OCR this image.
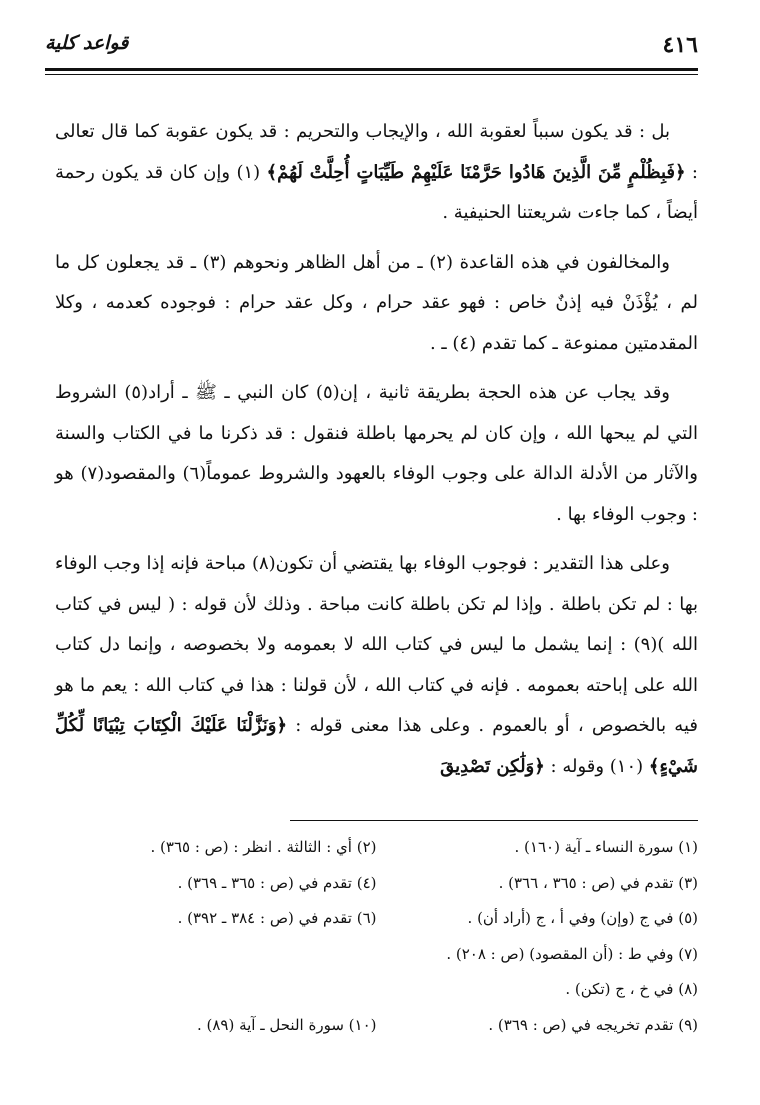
٤١٦
قواعد كلية

بل : قد يكون سبباً لعقوبة الله ، والإيجاب والتحريم : قد يكون عقوبة كما قال تعالى : ﴿فَبِظُلْمٍ مِّنَ الَّذِينَ هَادُوا حَرَّمْنَا عَلَيْهِمْ طَيِّبَاتٍ أُحِلَّتْ لَهُمْ﴾ (١) وإن كان قد يكون رحمة أيضاً ، كما جاءت شريعتنا الحنيفية .

والمخالفون في هذه القاعدة (٢) ـ من أهل الظاهر ونحوهم (٣) ـ قد يجعلون كل ما لم ، يُؤْذَنْ فيه إذنٌ خاص : فهو عقد حرام ، وكل عقد حرام : فوجوده كعدمه ، وكلا المقدمتين ممنوعة ـ كما تقدم (٤) ـ .

وقد يجاب عن هذه الحجة بطريقة ثانية ، إن(٥) كان النبي ـ ﷺ ـ أراد(٥) الشروط التي لم يبحها الله ، وإن كان لم يحرمها باطلة فنقول : قد ذكرنا ما في الكتاب والسنة والآثار من الأدلة الدالة على وجوب الوفاء بالعهود والشروط عموماً(٦) والمقصود(٧) هو : وجوب الوفاء بها .

وعلى هذا التقدير : فوجوب الوفاء بها يقتضي أن تكون(٨) مباحة فإنه إذا وجب الوفاء بها : لم تكن باطلة . وإذا لم تكن باطلة كانت مباحة . وذلك لأن قوله : ( ليس في كتاب الله )(٩) : إنما يشمل ما ليس في كتاب الله لا بعمومه ولا بخصوصه ، وإنما دل كتاب الله على إباحته بعمومه . فإنه في كتاب الله ، لأن قولنا : هذا في كتاب الله : يعم ما هو فيه بالخصوص ، أو بالعموم . وعلى هذا معنى قوله : ﴿وَنَزَّلْنَا عَلَيْكَ الْكِتَابَ تِبْيَانًا لِّكُلِّ شَيْءٍ﴾ (١٠) وقوله : ﴿وَلَٰكِن تَصْدِيقَ

(١) سورة النساء ـ آية (١٦٠) .
(٢) أي : الثالثة . انظر : (ص : ٣٦٥) .
(٣) تقدم في (ص : ٣٦٥ ، ٣٦٦) .
(٤) تقدم في (ص : ٣٦٥ ـ ٣٦٩) .
(٥) في ج (وإن) وفي أ ، ج (أراد أن) .
(٦) تقدم في (ص : ٣٨٤ ـ ٣٩٢) .
(٧) وفي ط : (أن المقصود) (ص : ٢٠٨) .
(٨) في خ ، ج (تكن) .
(٩) تقدم تخريجه في (ص : ٣٦٩) .
(١٠) سورة النحل ـ آية (٨٩) .
